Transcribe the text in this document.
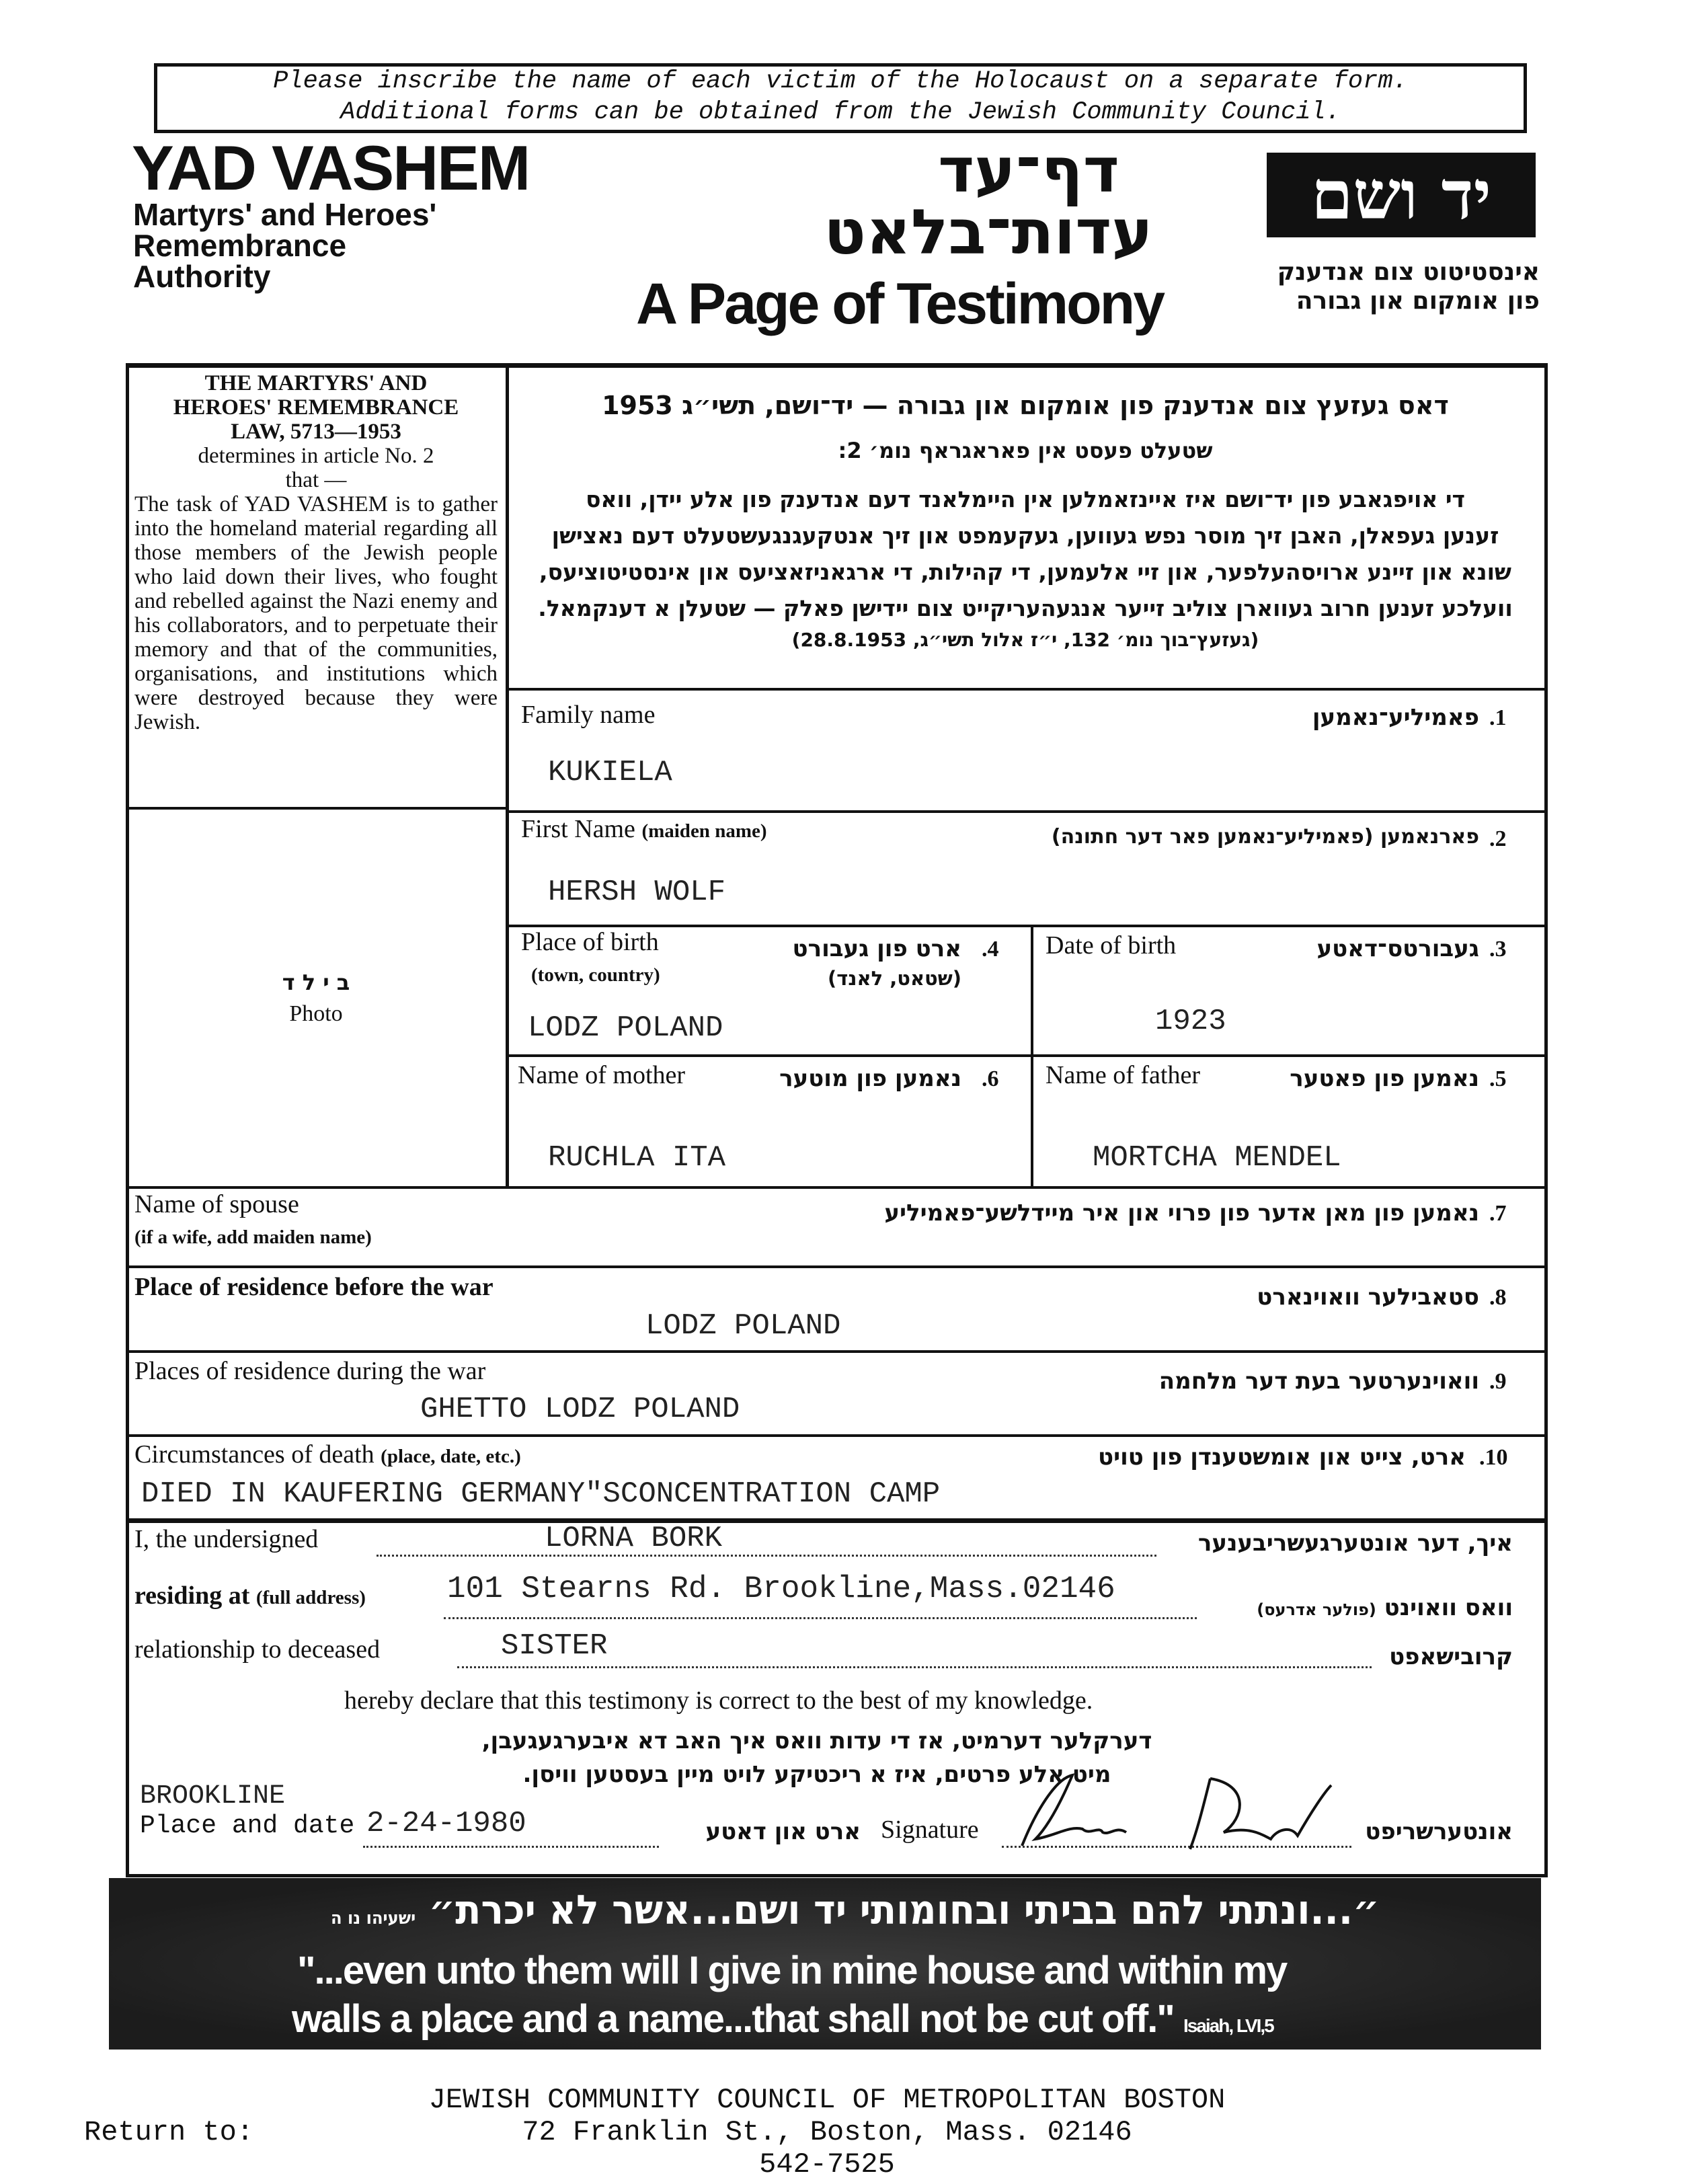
Please inscribe the name of each victim of the Holocaust on a separate form.
Additional forms can be obtained from the Jewish Community Council.
YAD VASHEM
Martyrs' and Heroes'
Remembrance
Authority
דף־עד
עדות־בלאט
A Page of Testimony
יד ושם
אינסטיטוט צום אנדענק
פון אומקום און גבורה
THE MARTYRS' AND
HEROES' REMEMBRANCE
LAW, 5713—1953
determines in article No. 2
that —
The task of YAD VASHEM is to gather into the homeland material regarding all those members of the Jewish people who laid down their lives, who fought and rebelled against the Nazi enemy and his collaborators, and to perpetuate their memory and that of the communities, organisations, and institutions which were destroyed because they were Jewish.
ב י ל ד
Photo
דאס געזעץ צום אנדענק פון אומקום און גבורה — יד־ושם, תשי״ג 1953
שטעלט פעסט אין פאראגראף נומ׳ 2:
די אויפגאבע פון יד־ושם איז איינזאמלען אין היימלאנד דעם אנדענק פון אלע יידן, וואס
זענען געפאלן, האבן זיך מוסר נפש געווען, געקעמפט און זיך אנטקעגנגעשטעלט דעם נאצישן
שונא און זיינע ארויסהעלפער, און זיי אלעמען, די קהילות, די ארגאניזאציעס און אינסטיטוציעס,
וועלכע זענען חרוב געווארן צוליב זייער אנגעהעריקייט צום יידישן פאלק — שטעלן א דענקמאל.
(געזעץ־בוך נומ׳ 132, י״ז אלול תשי״ג, 28.8.1953)
Family name	פאמיליע־נאמען .1
KUKIELA
First Name (maiden name)	פארנאמען (פאמיליע־נאמען פאר דער חתונה) .2
HERSH WOLF
Place of birth
(town, country)
ארט פון געבורט
(שטאט, לאנד)
.4
LODZ POLAND
Date of birth	געבורטס־דאטע .3
1923
Name of mother	נאמען פון מוטער .6
RUCHLA ITA
Name of father	נאמען פון פאטער .5
MORTCHA MENDEL
Name of spouse
(if a wife, add maiden name)
נאמען פון מאן אדער פון פרוי און איר מיידלשע־פאמיליע .7
Place of residence before the war	סטאבילער וואוינארט .8
LODZ POLAND
Places of residence during the war	וואוינערטער בעת דער מלחמה .9
GHETTO LODZ POLAND
Circumstances of death (place, date, etc.)	ארט, צייט און אומשטענדן פון טויט .10
DIED IN KAUFERING GERMANY"SCONCENTRATION CAMP
I, the undersigned	LORNA BORK	איך, דער אונטערגעשריבענער
residing at (full address)	101 Stearns Rd. Brookline,Mass.02146
וואס וואוינט (פולער אדרעס)
relationship to deceased	SISTER	קרובישאפט
hereby declare that this testimony is correct to the best of my knowledge.
דערקלער דערמיט, אז די עדות וואס איך האב דא איבערגעגעבן,
מיט אלע פרטים, איז א ריכטיקע לויט מיין בעסטען וויסן.
BROOKLINE
Place and date 2-24-1980	ארט און דאטע Signature	אונטערשריפט
״...ונתתי להם בביתי ובחומותי יד ושם...אשר לא יכרת״ ישעיהו נו ה
"...even unto them will I give in mine house and within my
walls a place and a name...that shall not be cut off." Isaiah, LVI,5
Return to:
JEWISH COMMUNITY COUNCIL OF METROPOLITAN BOSTON
72 Franklin St., Boston, Mass. 02146
542-7525
